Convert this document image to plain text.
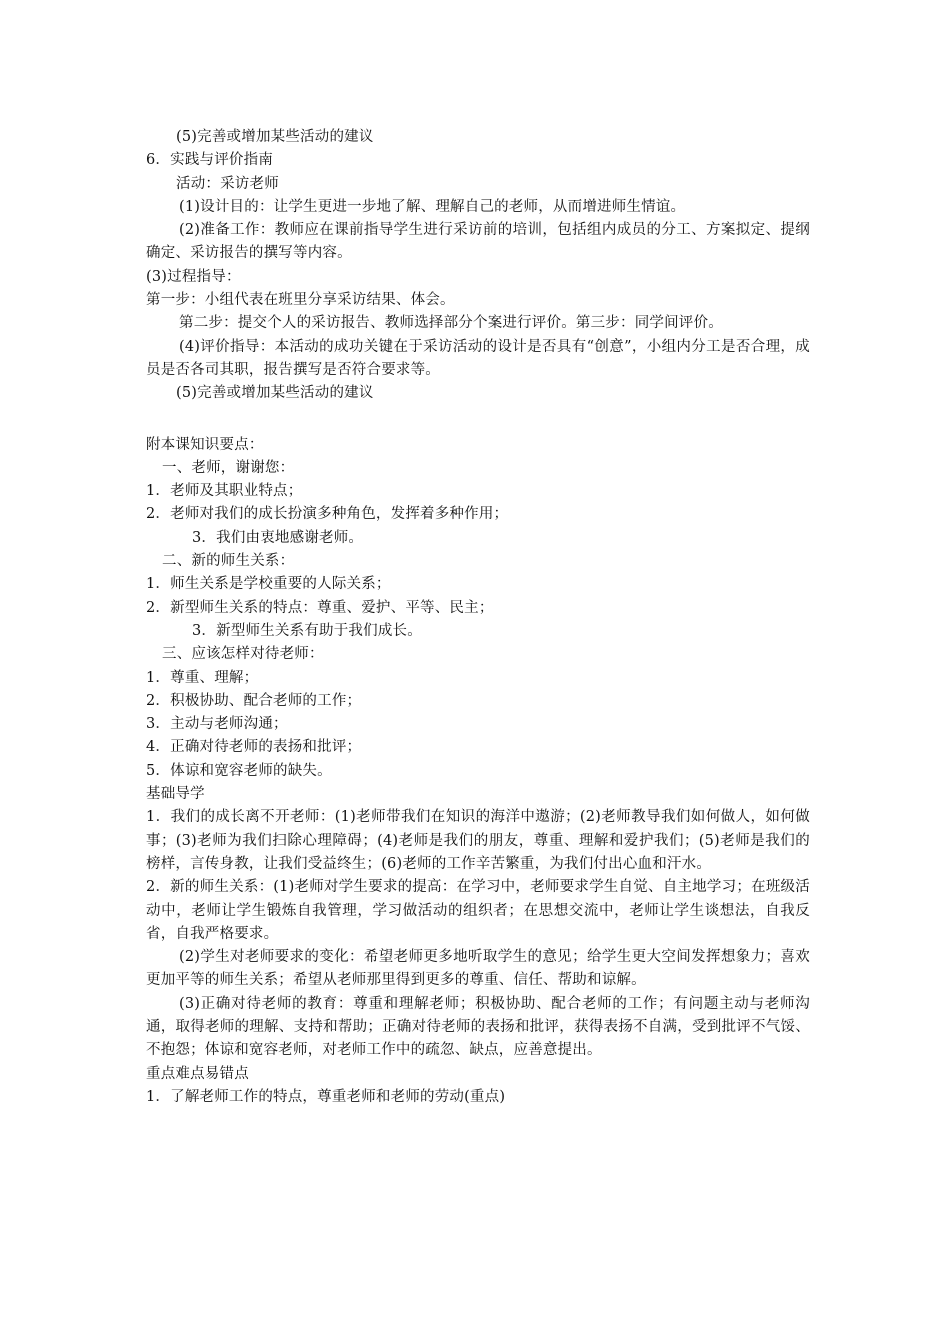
(5)完善或增加某些活动的建议

6．实践与评价指南

活动：采访老师

(1)设计目的：让学生更进一步地了解、理解自己的老师，从而增进师生情谊。

(2)准备工作：教师应在课前指导学生进行采访前的培训，包括组内成员的分工、方案拟定、提纲确定、采访报告的撰写等内容。

(3)过程指导：

第一步：小组代表在班里分享采访结果、体会。

第二步：提交个人的采访报告、教师选择部分个案进行评价。第三步：同学间评价。

(4)评价指导：本活动的成功关键在于采访活动的设计是否具有“创意”，小组内分工是否合理，成员是否各司其职，报告撰写是否符合要求等。

(5)完善或增加某些活动的建议

附本课知识要点：

一、老师，谢谢您：

1．老师及其职业特点；

2．老师对我们的成长扮演多种角色，发挥着多种作用；

3．我们由衷地感谢老师。

二、新的师生关系：

1．师生关系是学校重要的人际关系；

2．新型师生关系的特点：尊重、爱护、平等、民主；

3．新型师生关系有助于我们成长。

三、应该怎样对待老师：

1．尊重、理解；

2．积极协助、配合老师的工作；

3．主动与老师沟通；

4．正确对待老师的表扬和批评；

5．体谅和宽容老师的缺失。

基础导学

1．我们的成长离不开老师：(1)老师带我们在知识的海洋中遨游；(2)老师教导我们如何做人，如何做事；(3)老师为我们扫除心理障碍；(4)老师是我们的朋友，尊重、理解和爱护我们；(5)老师是我们的榜样，言传身教，让我们受益终生；(6)老师的工作辛苦繁重，为我们付出心血和汗水。

2．新的师生关系：(1)老师对学生要求的提高：在学习中，老师要求学生自觉、自主地学习；在班级活动中，老师让学生锻炼自我管理，学习做活动的组织者；在思想交流中，老师让学生谈想法，自我反省，自我严格要求。

(2)学生对老师要求的变化：希望老师更多地听取学生的意见；给学生更大空间发挥想象力；喜欢更加平等的师生关系；希望从老师那里得到更多的尊重、信任、帮助和谅解。

(3)正确对待老师的教育：尊重和理解老师；积极协助、配合老师的工作；有问题主动与老师沟通，取得老师的理解、支持和帮助；正确对待老师的表扬和批评，获得表扬不自满，受到批评不气馁、不抱怨；体谅和宽容老师，对老师工作中的疏忽、缺点，应善意提出。

重点难点易错点

1．了解老师工作的特点，尊重老师和老师的劳动(重点)
